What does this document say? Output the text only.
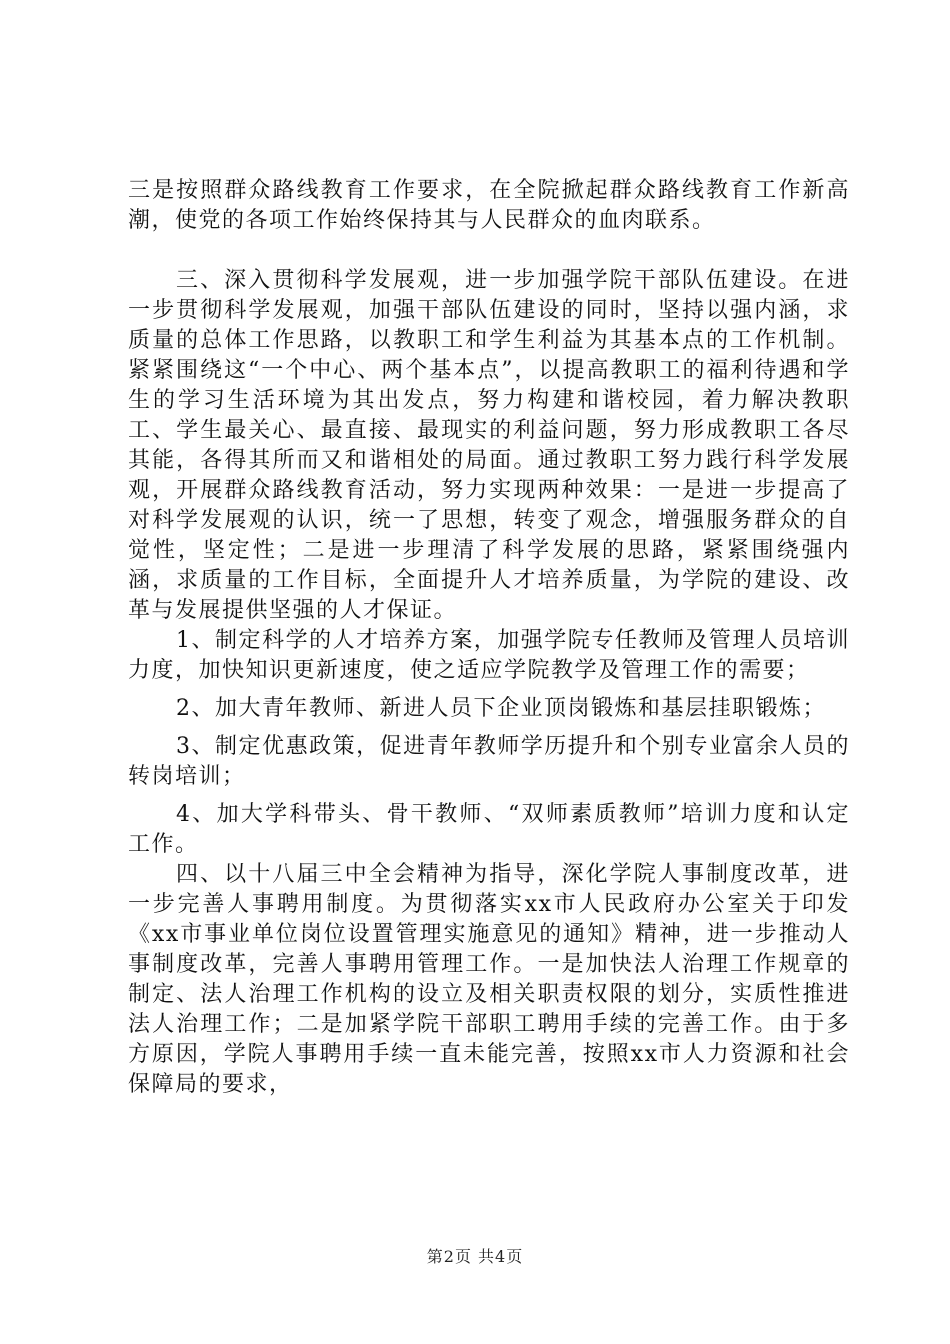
三是按照群众路线教育工作要求，在全院掀起群众路线教育工作新高潮，使党的各项工作始终保持其与人民群众的血肉联系。

三、深入贯彻科学发展观，进一步加强学院干部队伍建设。在进一步贯彻科学发展观，加强干部队伍建设的同时，坚持以强内涵，求质量的总体工作思路，以教职工和学生利益为其基本点的工作机制。紧紧围绕这“一个中心、两个基本点”，以提高教职工的福利待遇和学生的学习生活环境为其出发点，努力构建和谐校园，着力解决教职工、学生最关心、最直接、最现实的利益问题，努力形成教职工各尽其能，各得其所而又和谐相处的局面。通过教职工努力践行科学发展观，开展群众路线教育活动，努力实现两种效果：一是进一步提高了对科学发展观的认识，统一了思想，转变了观念，增强服务群众的自觉性，坚定性；二是进一步理清了科学发展的思路，紧紧围绕强内涵，求质量的工作目标，全面提升人才培养质量，为学院的建设、改革与发展提供坚强的人才保证。

1、制定科学的人才培养方案，加强学院专任教师及管理人员培训力度，加快知识更新速度，使之适应学院教学及管理工作的需要；

2、加大青年教师、新进人员下企业顶岗锻炼和基层挂职锻炼；

3、制定优惠政策，促进青年教师学历提升和个别专业富余人员的转岗培训；

4、加大学科带头、骨干教师、“双师素质教师”培训力度和认定工作。

四、以十八届三中全会精神为指导，深化学院人事制度改革，进一步完善人事聘用制度。为贯彻落实xx市人民政府办公室关于印发《xx市事业单位岗位设置管理实施意见的通知》精神，进一步推动人事制度改革，完善人事聘用管理工作。一是加快法人治理工作规章的制定、法人治理工作机构的设立及相关职责权限的划分，实质性推进法人治理工作；二是加紧学院干部职工聘用手续的完善工作。由于多方原因，学院人事聘用手续一直未能完善，按照xx市人力资源和社会保障局的要求，

第2页 共4页
